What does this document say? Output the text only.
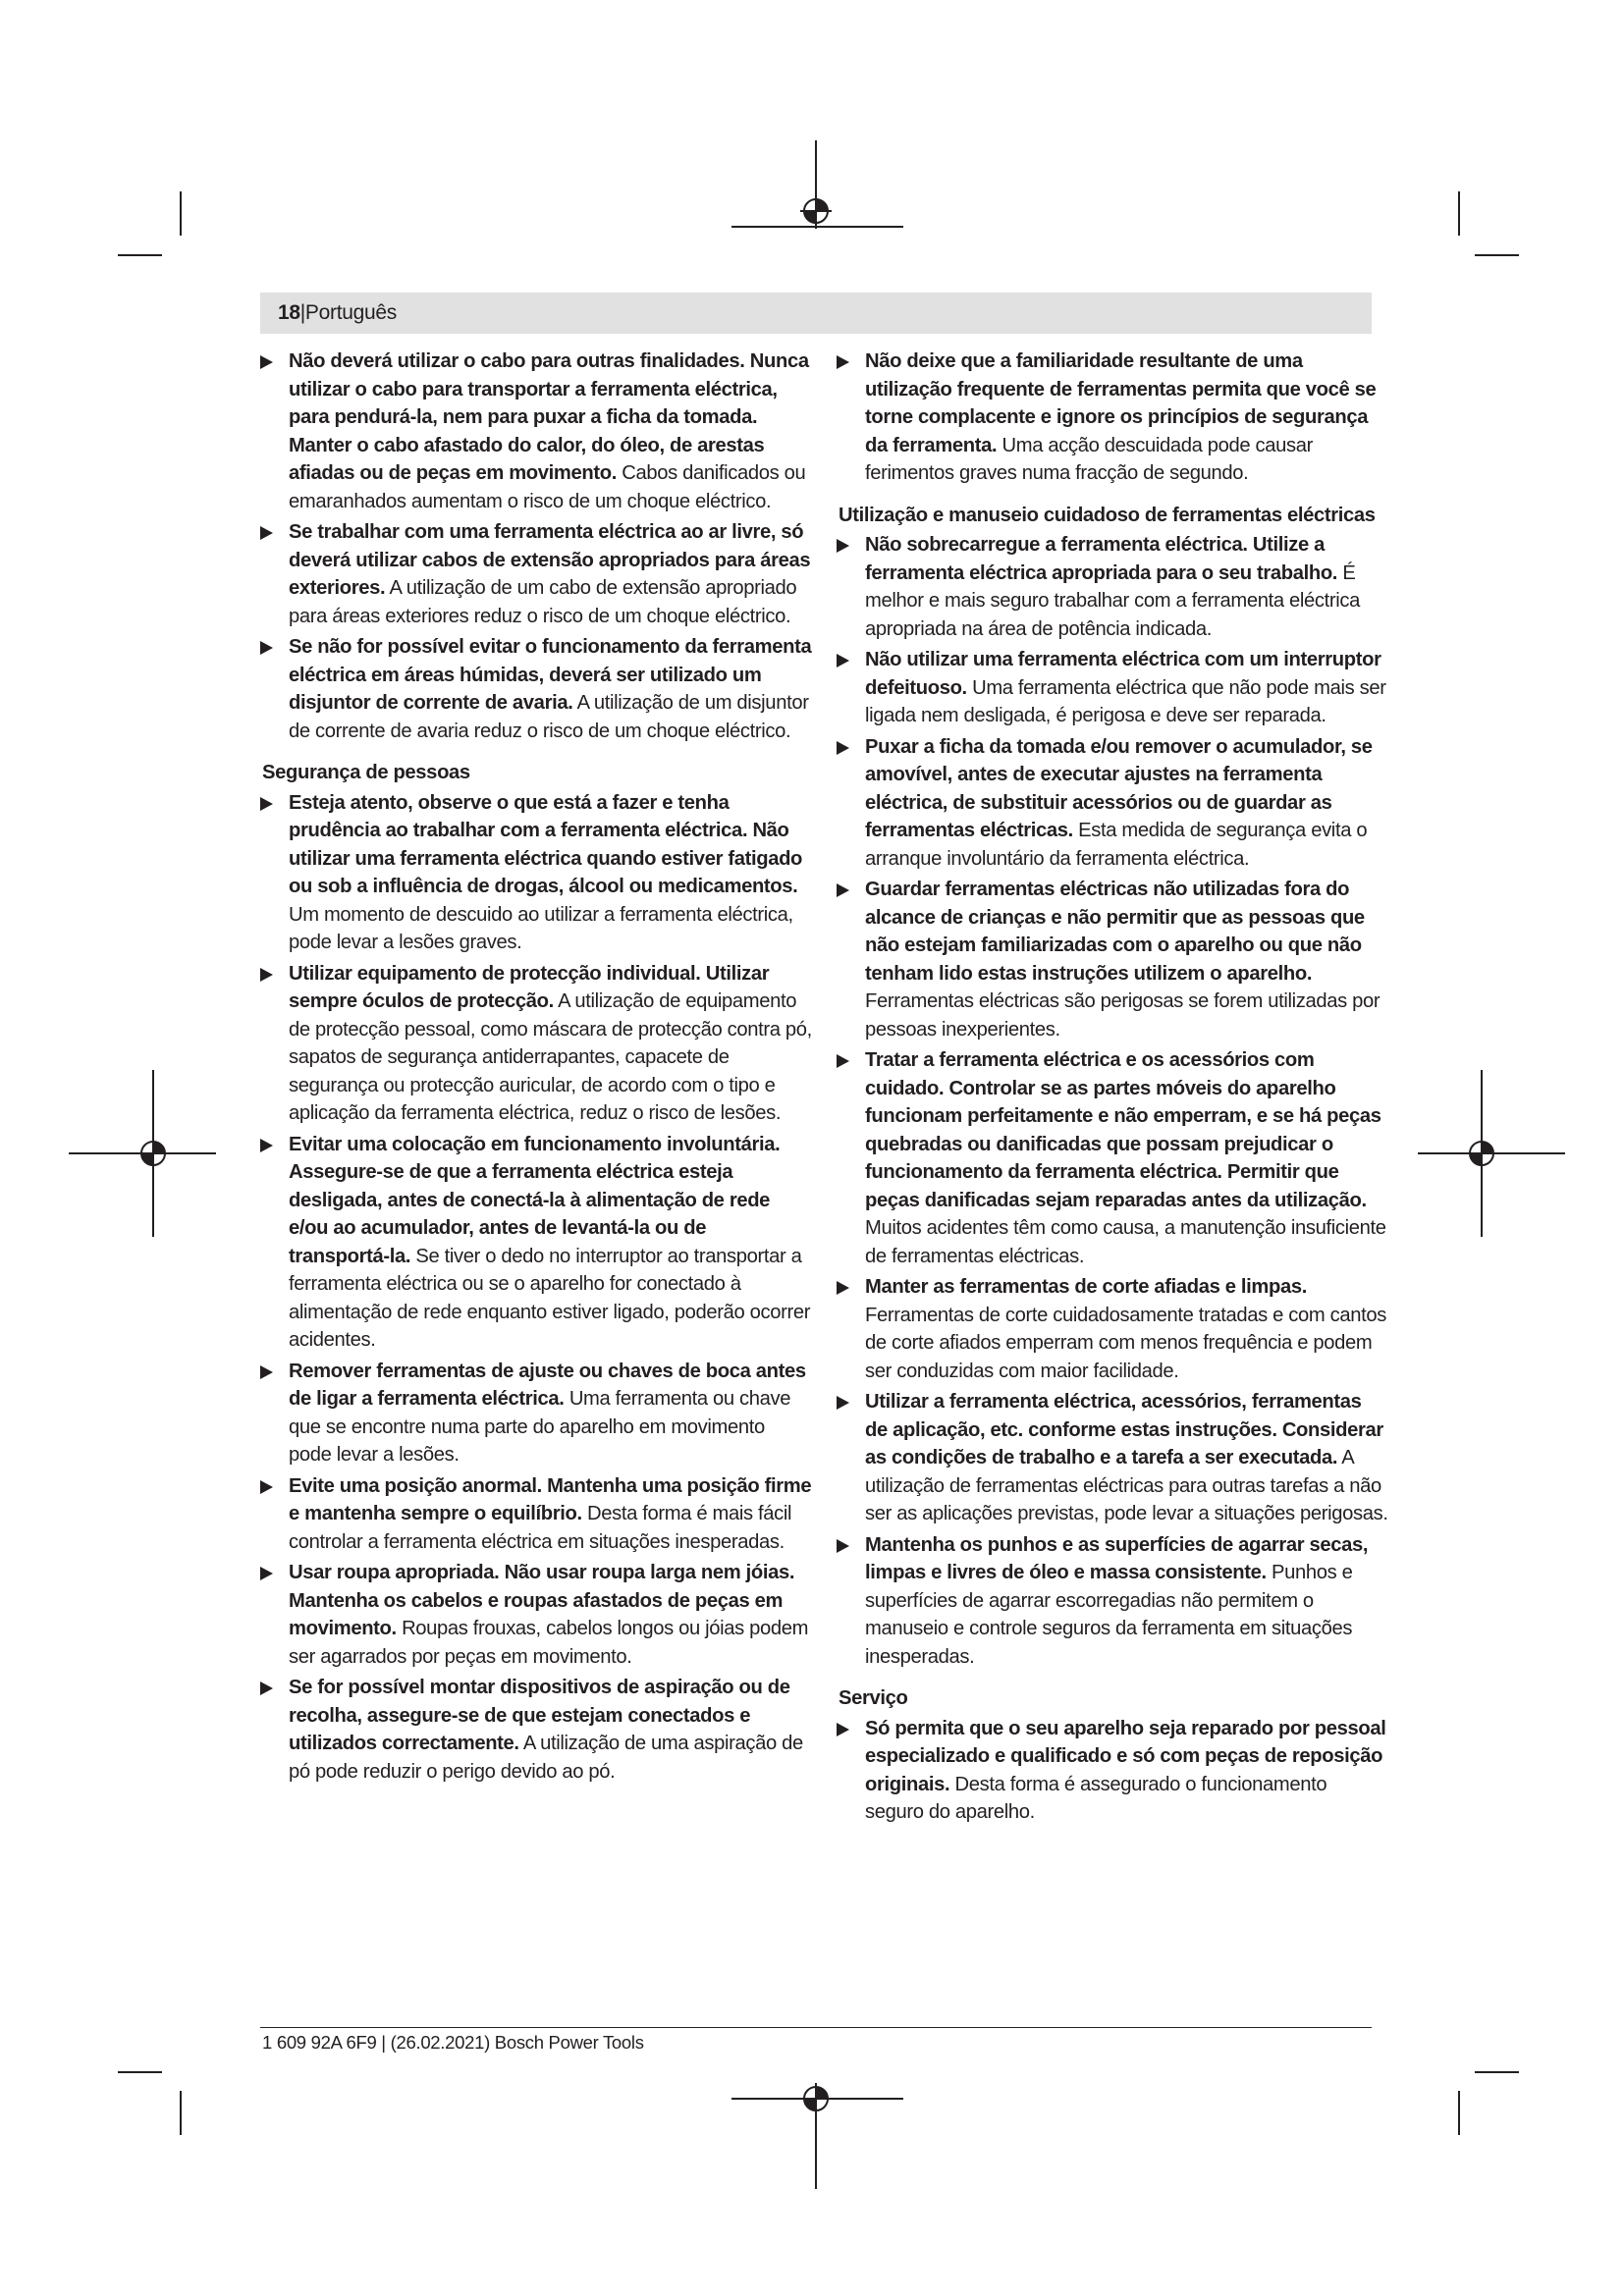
18|Português
Não deverá utilizar o cabo para outras finalidades. Nunca utilizar o cabo para transportar a ferramenta eléctrica, para pendurá-la, nem para puxar a ficha da tomada. Manter o cabo afastado do calor, do óleo, de arestas afiadas ou de peças em movimento. Cabos danificados ou emaranhados aumentam o risco de um choque eléctrico.
Se trabalhar com uma ferramenta eléctrica ao ar livre, só deverá utilizar cabos de extensão apropriados para áreas exteriores. A utilização de um cabo de extensão apropriado para áreas exteriores reduz o risco de um choque eléctrico.
Se não for possível evitar o funcionamento da ferramenta eléctrica em áreas húmidas, deverá ser utilizado um disjuntor de corrente de avaria. A utilização de um disjuntor de corrente de avaria reduz o risco de um choque eléctrico.
Segurança de pessoas
Esteja atento, observe o que está a fazer e tenha prudência ao trabalhar com a ferramenta eléctrica. Não utilizar uma ferramenta eléctrica quando estiver fatigado ou sob a influência de drogas, álcool ou medicamentos. Um momento de descuido ao utilizar a ferramenta eléctrica, pode levar a lesões graves.
Utilizar equipamento de protecção individual. Utilizar sempre óculos de protecção. A utilização de equipamento de protecção pessoal, como máscara de protecção contra pó, sapatos de segurança antiderrapantes, capacete de segurança ou protecção auricular, de acordo com o tipo e aplicação da ferramenta eléctrica, reduz o risco de lesões.
Evitar uma colocação em funcionamento involuntária. Assegure-se de que a ferramenta eléctrica esteja desligada, antes de conectá-la à alimentação de rede e/ou ao acumulador, antes de levantá-la ou de transportá-la. Se tiver o dedo no interruptor ao transportar a ferramenta eléctrica ou se o aparelho for conectado à alimentação de rede enquanto estiver ligado, poderão ocorrer acidentes.
Remover ferramentas de ajuste ou chaves de boca antes de ligar a ferramenta eléctrica. Uma ferramenta ou chave que se encontre numa parte do aparelho em movimento pode levar a lesões.
Evite uma posição anormal. Mantenha uma posição firme e mantenha sempre o equilíbrio. Desta forma é mais fácil controlar a ferramenta eléctrica em situações inesperadas.
Usar roupa apropriada. Não usar roupa larga nem jóias. Mantenha os cabelos e roupas afastados de peças em movimento. Roupas frouxas, cabelos longos ou jóias podem ser agarrados por peças em movimento.
Se for possível montar dispositivos de aspiração ou de recolha, assegure-se de que estejam conectados e utilizados correctamente. A utilização de uma aspiração de pó pode reduzir o perigo devido ao pó.
Não deixe que a familiaridade resultante de uma utilização frequente de ferramentas permita que você se torne complacente e ignore os princípios de segurança da ferramenta. Uma acção descuidada pode causar ferimentos graves numa fracção de segundo.
Utilização e manuseio cuidadoso de ferramentas eléctricas
Não sobrecarregue a ferramenta eléctrica. Utilize a ferramenta eléctrica apropriada para o seu trabalho. É melhor e mais seguro trabalhar com a ferramenta eléctrica apropriada na área de potência indicada.
Não utilizar uma ferramenta eléctrica com um interruptor defeituoso. Uma ferramenta eléctrica que não pode mais ser ligada nem desligada, é perigosa e deve ser reparada.
Puxar a ficha da tomada e/ou remover o acumulador, se amovível, antes de executar ajustes na ferramenta eléctrica, de substituir acessórios ou de guardar as ferramentas eléctricas. Esta medida de segurança evita o arranque involuntário da ferramenta eléctrica.
Guardar ferramentas eléctricas não utilizadas fora do alcance de crianças e não permitir que as pessoas que não estejam familiarizadas com o aparelho ou que não tenham lido estas instruções utilizem o aparelho. Ferramentas eléctricas são perigosas se forem utilizadas por pessoas inexperientes.
Tratar a ferramenta eléctrica e os acessórios com cuidado. Controlar se as partes móveis do aparelho funcionam perfeitamente e não emperram, e se há peças quebradas ou danificadas que possam prejudicar o funcionamento da ferramenta eléctrica. Permitir que peças danificadas sejam reparadas antes da utilização. Muitos acidentes têm como causa, a manutenção insuficiente de ferramentas eléctricas.
Manter as ferramentas de corte afiadas e limpas. Ferramentas de corte cuidadosamente tratadas e com cantos de corte afiados emperram com menos frequência e podem ser conduzidas com maior facilidade.
Utilizar a ferramenta eléctrica, acessórios, ferramentas de aplicação, etc. conforme estas instruções. Considerar as condições de trabalho e a tarefa a ser executada. A utilização de ferramentas eléctricas para outras tarefas a não ser as aplicações previstas, pode levar a situações perigosas.
Mantenha os punhos e as superfícies de agarrar secas, limpas e livres de óleo e massa consistente. Punhos e superfícies de agarrar escorregadias não permitem o manuseio e controle seguros da ferramenta em situações inesperadas.
Serviço
Só permita que o seu aparelho seja reparado por pessoal especializado e qualificado e só com peças de reposição originais. Desta forma é assegurado o funcionamento seguro do aparelho.
1 609 92A 6F9 | (26.02.2021) Bosch Power Tools
